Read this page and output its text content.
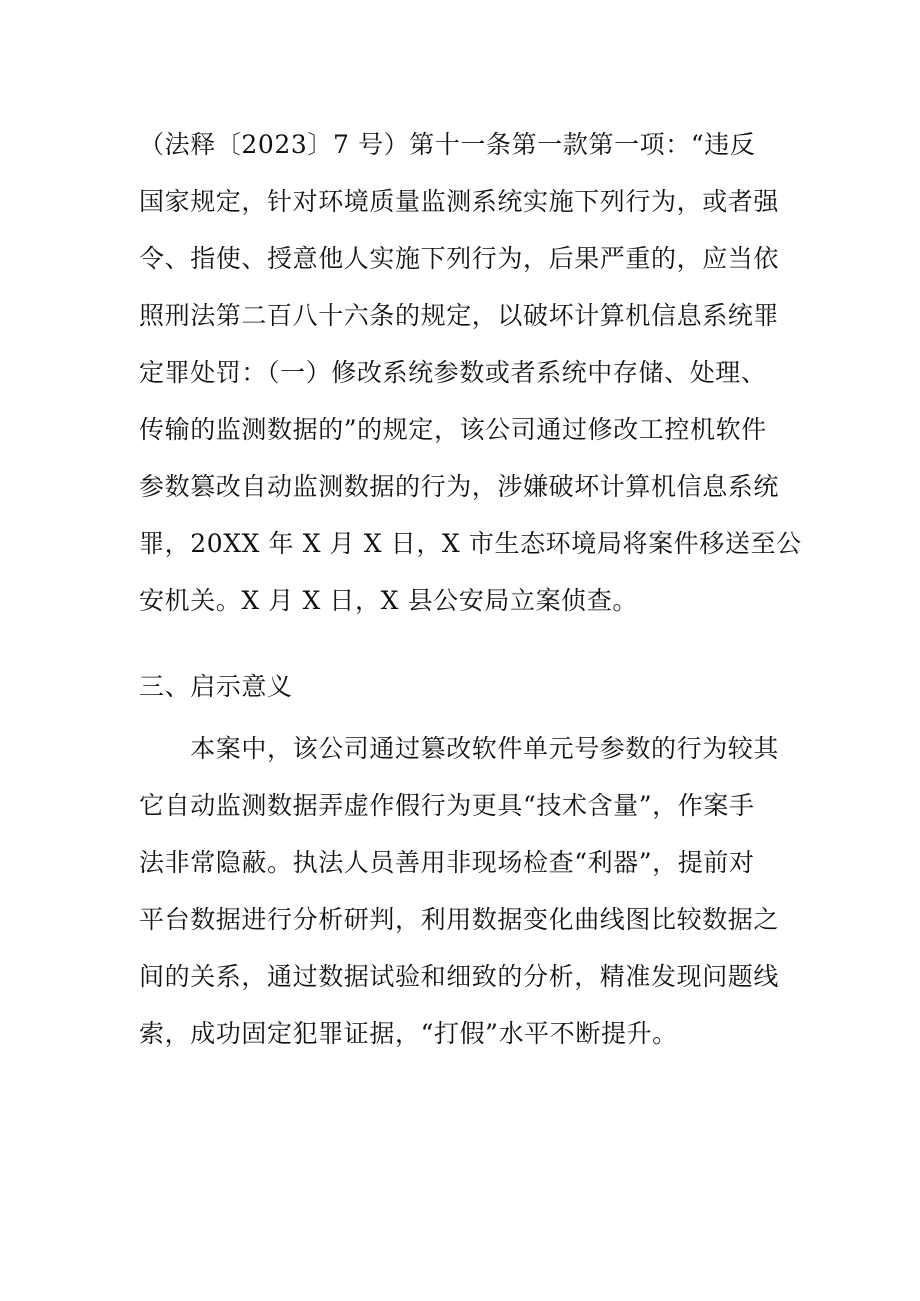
（法释〔2023〕7 号）第十一条第一款第一项：“违反
国家规定，针对环境质量监测系统实施下列行为，或者强
令、指使、授意他人实施下列行为，后果严重的，应当依
照刑法第二百八十六条的规定，以破坏计算机信息系统罪
定罪处罚：（一）修改系统参数或者系统中存储、处理、
传输的监测数据的”的规定，该公司通过修改工控机软件
参数篡改自动监测数据的行为，涉嫌破坏计算机信息系统
罪，20XX 年 X 月 X 日，X 市生态环境局将案件移送至公
安机关。X 月 X 日，X 县公安局立案侦查。
三、启示意义
　　本案中，该公司通过篡改软件单元号参数的行为较其
它自动监测数据弄虚作假行为更具“技术含量”，作案手
法非常隐蔽。执法人员善用非现场检查“利器”，提前对
平台数据进行分析研判，利用数据变化曲线图比较数据之
间的关系，通过数据试验和细致的分析，精准发现问题线
索，成功固定犯罪证据，“打假”水平不断提升。
